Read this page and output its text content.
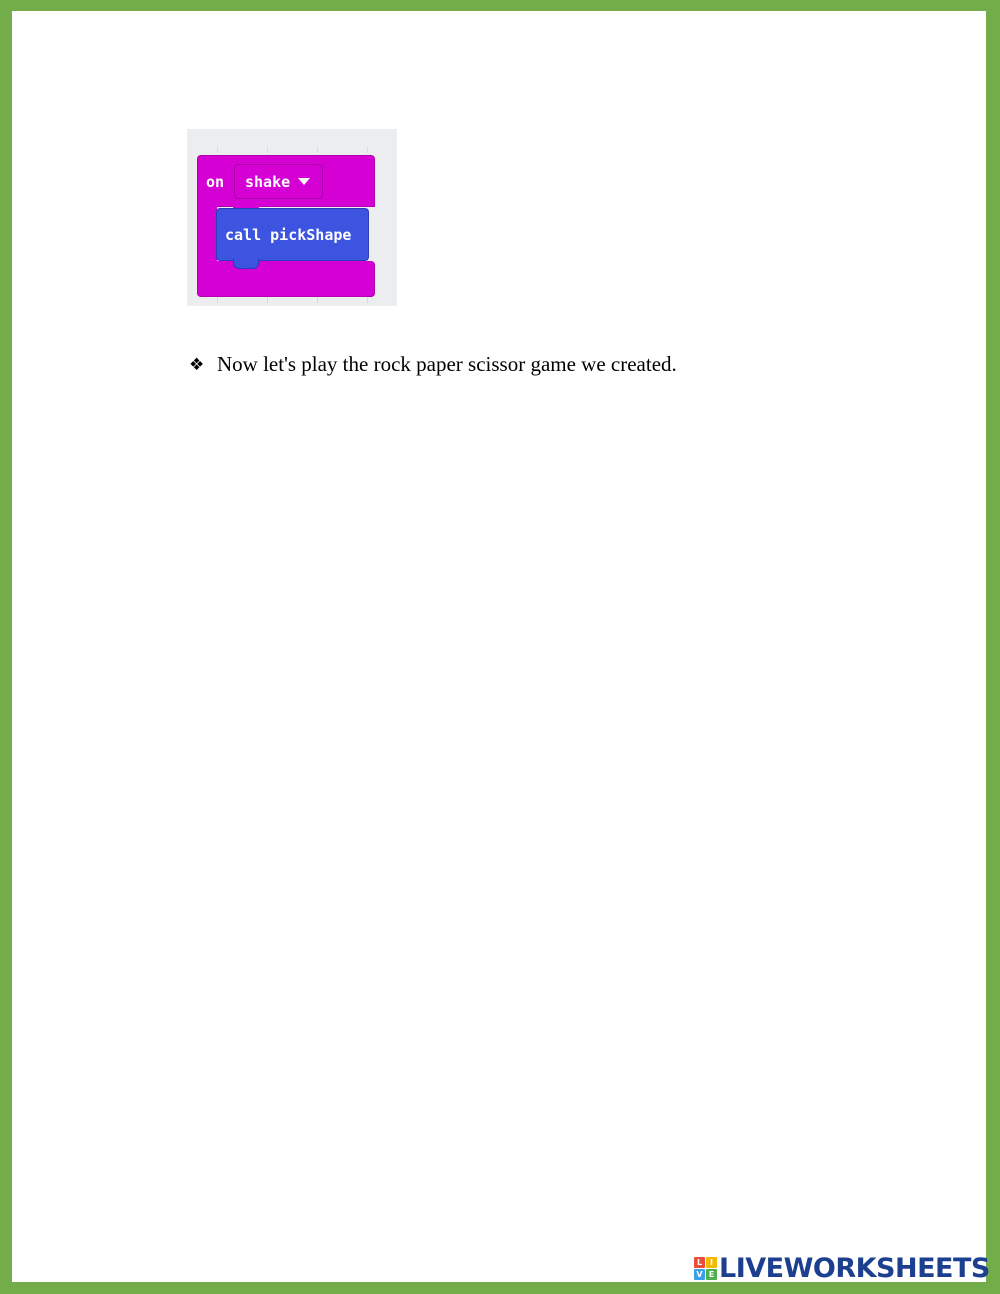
on shake
call pickShape
❖ Now let's play the rock paper scissor game we created.
L I
V E LIVEWORKSHEETS
